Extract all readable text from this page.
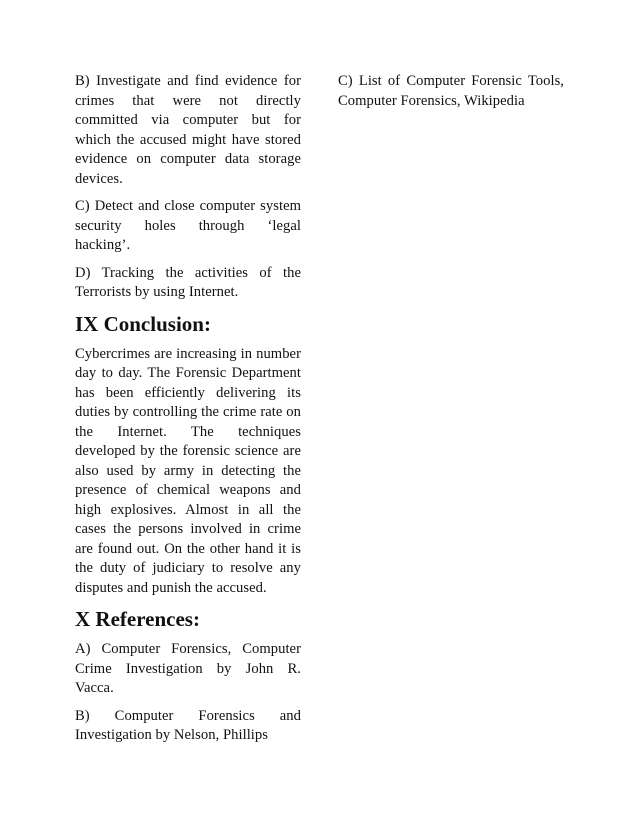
B) Investigate and find evidence for crimes that were not directly committed via computer but for which the accused might have stored evidence on computer data storage devices.

C) Detect and close computer system security holes through ‘legal hacking’.

D) Tracking the activities of the Terrorists by using Internet.

IX Conclusion:

Cybercrimes are increasing in number day to day. The Forensic Department has been efficiently delivering its duties by controlling the crime rate on the Internet. The techniques developed by the forensic science are also used by army in detecting the presence of chemical weapons and high explosives. Almost in all the cases the persons involved in crime are found out. On the other hand it is the duty of judiciary to resolve any disputes and punish the accused.

X References:

A) Computer Forensics, Computer Crime Investigation by John R. Vacca.

B) Computer Forensics and Investigation by Nelson, Phillips

C) List of Computer Forensic Tools, Computer Forensics, Wikipedia
